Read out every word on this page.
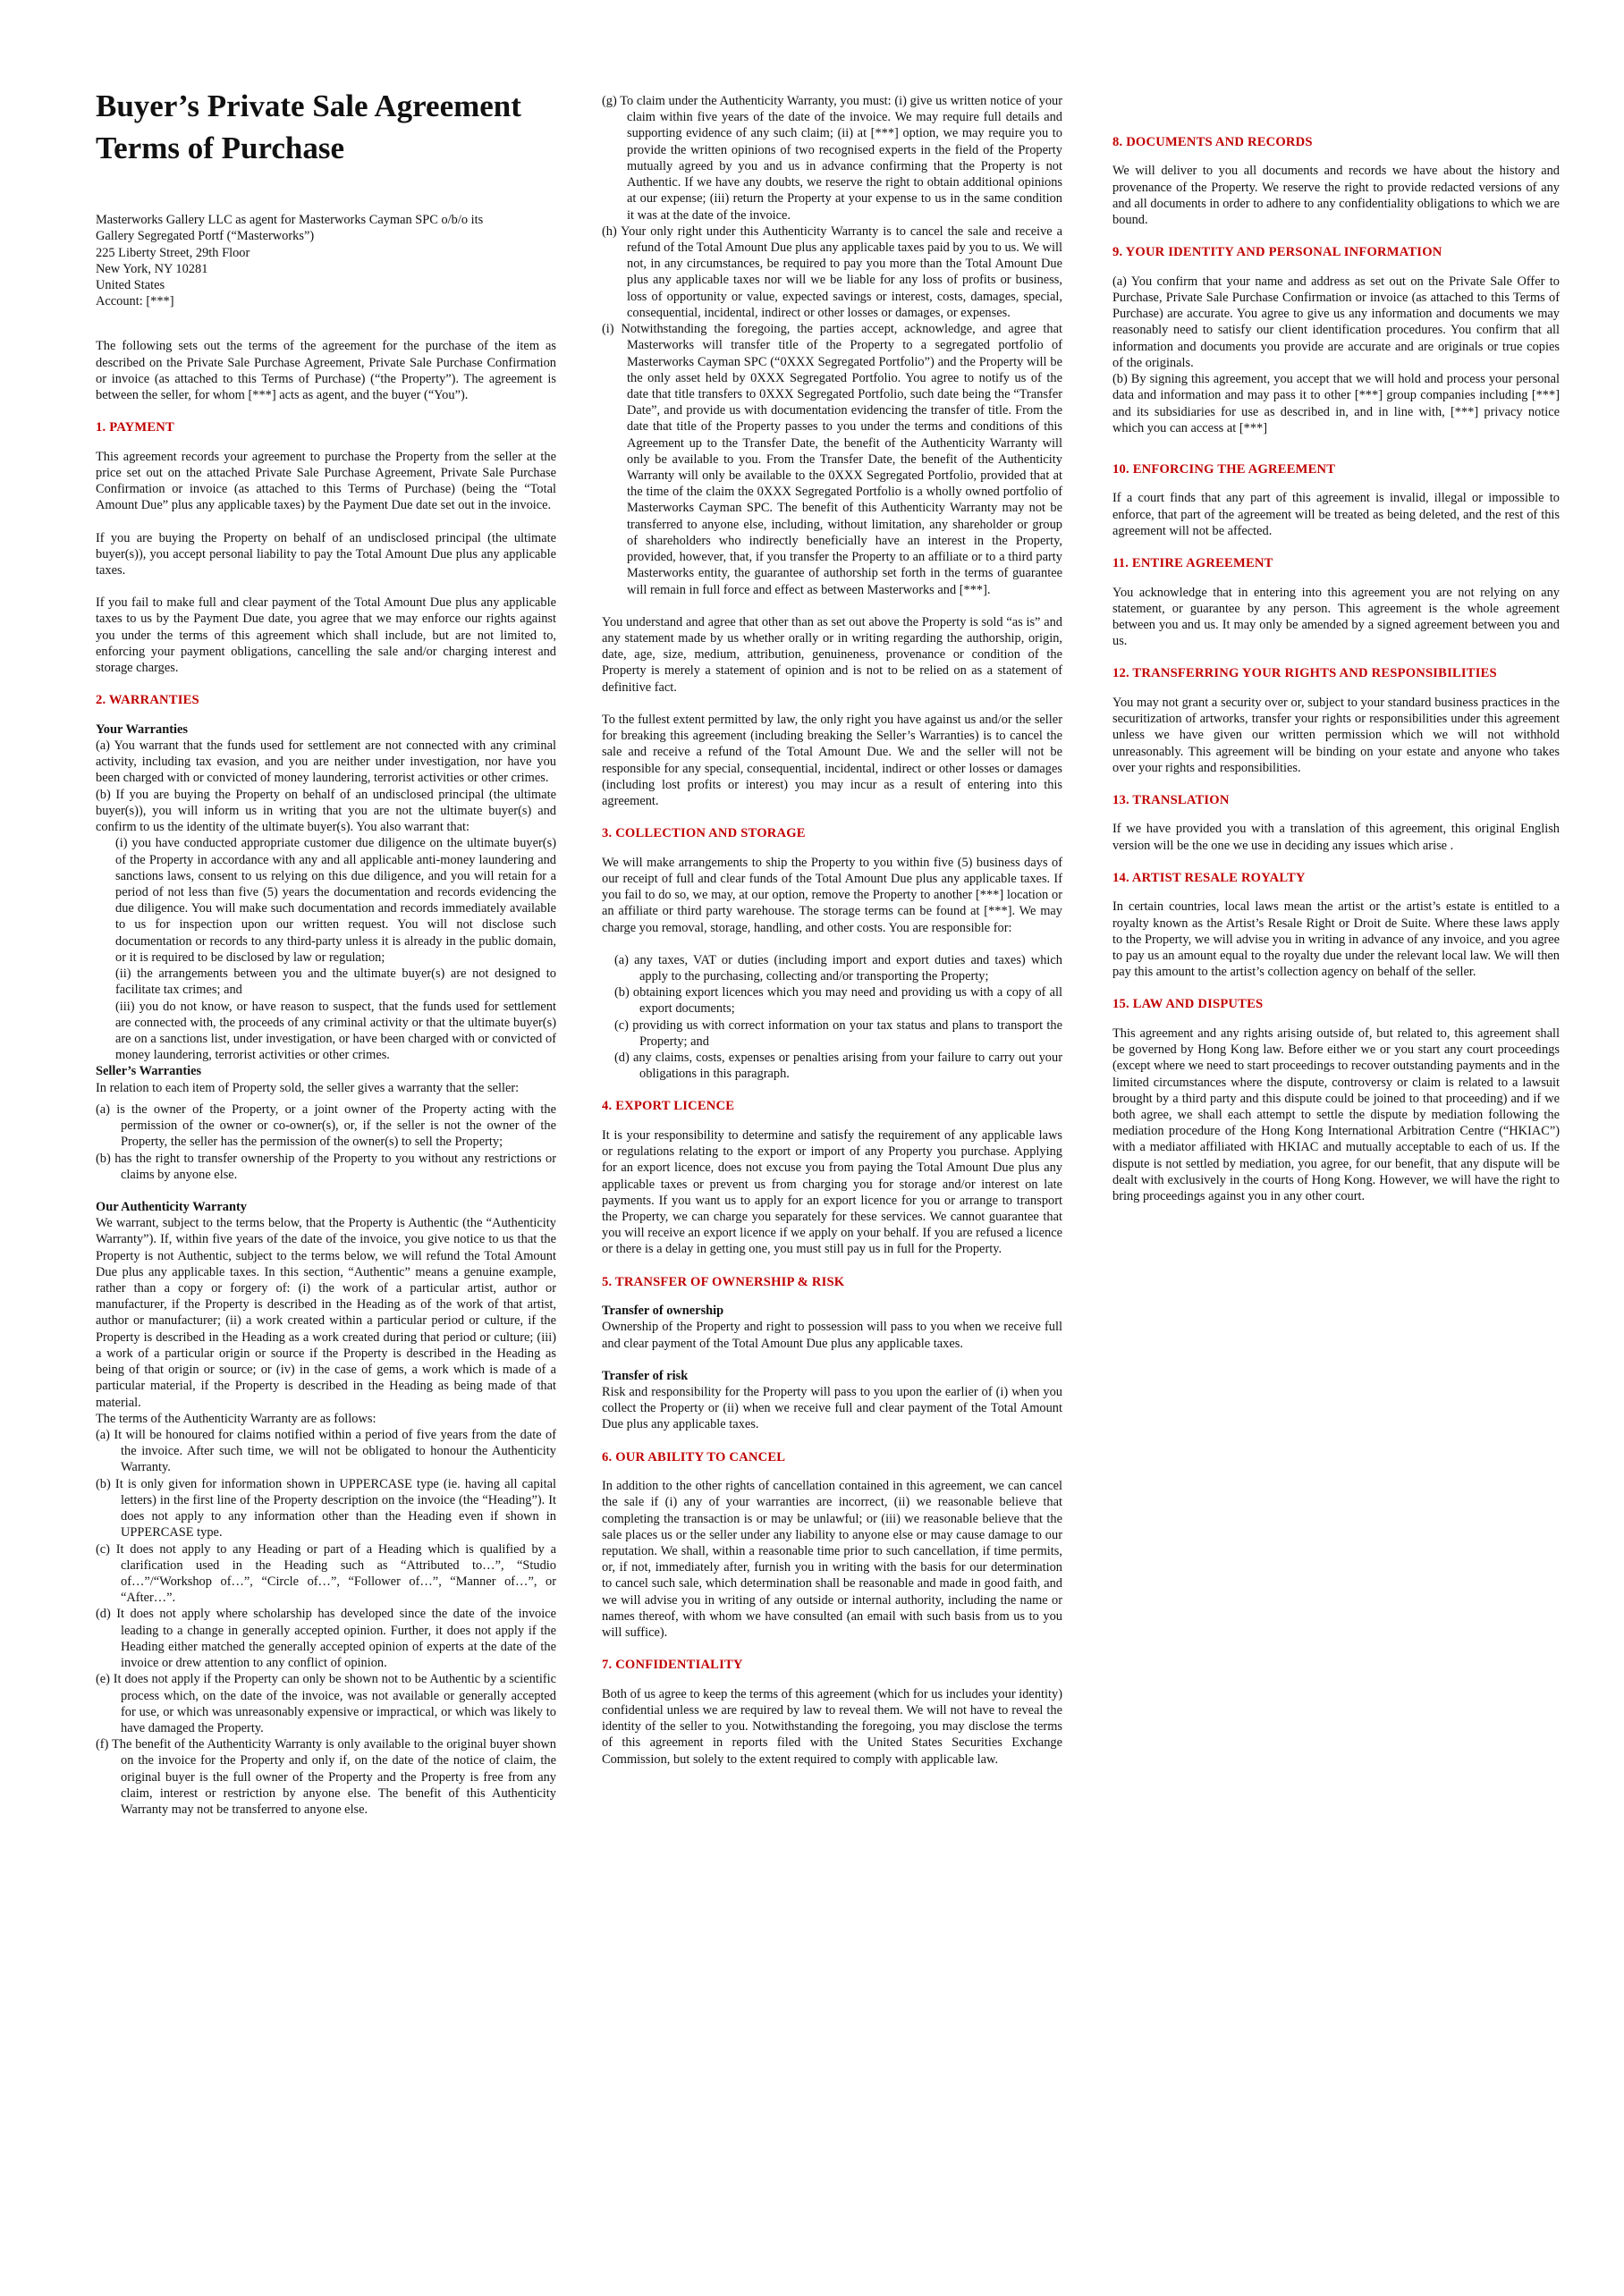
Buyer’s Private Sale Agreement
Terms of Purchase

Masterworks Gallery LLC as agent for Masterworks Cayman SPC o/b/o its

Gallery Segregated Portf (“Masterworks”)

225 Liberty Street, 29th Floor

New York, NY 10281

United States

Account: [***]

The following sets out the terms of the agreement for the purchase of the item as described on the Private Sale Purchase Agreement, Private Sale Purchase Confirmation or invoice (as attached to this Terms of Purchase) (“the Property”). The agreement is between the seller, for whom [***] acts as agent, and the buyer (“You”).

1. PAYMENT

This agreement records your agreement to purchase the Property from the seller at the price set out on the attached Private Sale Purchase Agreement, Private Sale Purchase Confirmation or invoice (as attached to this Terms of Purchase) (being the “Total Amount Due” plus any applicable taxes) by the Payment Due date set out in the invoice.

If you are buying the Property on behalf of an undisclosed principal (the ultimate buyer(s)), you accept personal liability to pay the Total Amount Due plus any applicable taxes.

If you fail to make full and clear payment of the Total Amount Due plus any applicable taxes to us by the Payment Due date, you agree that we may enforce our rights against you under the terms of this agreement which shall include, but are not limited to, enforcing your payment obligations, cancelling the sale and/or charging interest and storage charges.

2. WARRANTIES

Your Warranties

(a) You warrant that the funds used for settlement are not connected with any criminal activity, including tax evasion, and you are neither under investigation, nor have you been charged with or convicted of money laundering, terrorist activities or other crimes.

(b) If you are buying the Property on behalf of an undisclosed principal (the ultimate buyer(s)), you will inform us in writing that you are not the ultimate buyer(s) and confirm to us the identity of the ultimate buyer(s). You also warrant that:

(i) you have conducted appropriate customer due diligence on the ultimate buyer(s) of the Property in accordance with any and all applicable anti-money laundering and sanctions laws, consent to us relying on this due diligence, and you will retain for a period of not less than five (5) years the documentation and records evidencing the due diligence. You will make such documentation and records immediately available to us for inspection upon our written request. You will not disclose such documentation or records to any third-party unless it is already in the public domain, or it is required to be disclosed by law or regulation;

(ii) the arrangements between you and the ultimate buyer(s) are not designed to facilitate tax crimes; and

(iii) you do not know, or have reason to suspect, that the funds used for settlement are connected with, the proceeds of any criminal activity or that the ultimate buyer(s) are on a sanctions list, under investigation, or have been charged with or convicted of money laundering, terrorist activities or other crimes.

Seller’s Warranties

In relation to each item of Property sold, the seller gives a warranty that the seller:

(a) is the owner of the Property, or a joint owner of the Property acting with the permission of the owner or co-owner(s), or, if the seller is not the owner of the Property, the seller has the permission of the owner(s) to sell the Property;

(b) has the right to transfer ownership of the Property to you without any restrictions or claims by anyone else.

Our Authenticity Warranty

We warrant, subject to the terms below, that the Property is Authentic (the “Authenticity Warranty”). If, within five years of the date of the invoice, you give notice to us that the Property is not Authentic, subject to the terms below, we will refund the Total Amount Due plus any applicable taxes. In this section, “Authentic” means a genuine example, rather than a copy or forgery of: (i) the work of a particular artist, author or manufacturer, if the Property is described in the Heading as of the work of that artist, author or manufacturer; (ii) a work created within a particular period or culture, if the Property is described in the Heading as a work created during that period or culture; (iii) a work of a particular origin or source if the Property is described in the Heading as being of that origin or source; or (iv) in the case of gems, a work which is made of a particular material, if the Property is described in the Heading as being made of that material.

The terms of the Authenticity Warranty are as follows:

(a) It will be honoured for claims notified within a period of five years from the date of the invoice. After such time, we will not be obligated to honour the Authenticity Warranty.

(b) It is only given for information shown in UPPERCASE type (ie. having all capital letters) in the first line of the Property description on the invoice (the “Heading”). It does not apply to any information other than the Heading even if shown in UPPERCASE type.

(c) It does not apply to any Heading or part of a Heading which is qualified by a clarification used in the Heading such as “Attributed to…”, “Studio of…”/“Workshop of…”, “Circle of…”, “Follower of…”, “Manner of…”, or “After…”.

(d) It does not apply where scholarship has developed since the date of the invoice leading to a change in generally accepted opinion. Further, it does not apply if the Heading either matched the generally accepted opinion of experts at the date of the invoice or drew attention to any conflict of opinion.

(e) It does not apply if the Property can only be shown not to be Authentic by a scientific process which, on the date of the invoice, was not available or generally accepted for use, or which was unreasonably expensive or impractical, or which was likely to have damaged the Property.

(f) The benefit of the Authenticity Warranty is only available to the original buyer shown on the invoice for the Property and only if, on the date of the notice of claim, the original buyer is the full owner of the Property and the Property is free from any claim, interest or restriction by anyone else. The benefit of this Authenticity Warranty may not be transferred to anyone else.

(g) To claim under the Authenticity Warranty, you must: (i) give us written notice of your claim within five years of the date of the invoice. We may require full details and supporting evidence of any such claim; (ii) at [***] option, we may require you to provide the written opinions of two recognised experts in the field of the Property mutually agreed by you and us in advance confirming that the Property is not Authentic. If we have any doubts, we reserve the right to obtain additional opinions at our expense; (iii) return the Property at your expense to us in the same condition it was at the date of the invoice.

(h) Your only right under this Authenticity Warranty is to cancel the sale and receive a refund of the Total Amount Due plus any applicable taxes paid by you to us. We will not, in any circumstances, be required to pay you more than the Total Amount Due plus any applicable taxes nor will we be liable for any loss of profits or business, loss of opportunity or value, expected savings or interest, costs, damages, special, consequential, incidental, indirect or other losses or damages, or expenses.

(i) Notwithstanding the foregoing, the parties accept, acknowledge, and agree that Masterworks will transfer title of the Property to a segregated portfolio of Masterworks Cayman SPC (“0XXX Segregated Portfolio”) and the Property will be the only asset held by 0XXX Segregated Portfolio. You agree to notify us of the date that title transfers to 0XXX Segregated Portfolio, such date being the “Transfer Date”, and provide us with documentation evidencing the transfer of title. From the date that title of the Property passes to you under the terms and conditions of this Agreement up to the Transfer Date, the benefit of the Authenticity Warranty will only be available to you. From the Transfer Date, the benefit of the Authenticity Warranty will only be available to the 0XXX Segregated Portfolio, provided that at the time of the claim the 0XXX Segregated Portfolio is a wholly owned portfolio of Masterworks Cayman SPC. The benefit of this Authenticity Warranty may not be transferred to anyone else, including, without limitation, any shareholder or group of shareholders who indirectly beneficially have an interest in the Property, provided, however, that, if you transfer the Property to an affiliate or to a third party Masterworks entity, the guarantee of authorship set forth in the terms of guarantee will remain in full force and effect as between Masterworks and [***].

You understand and agree that other than as set out above the Property is sold “as is” and any statement made by us whether orally or in writing regarding the authorship, origin, date, age, size, medium, attribution, genuineness, provenance or condition of the Property is merely a statement of opinion and is not to be relied on as a statement of definitive fact.

To the fullest extent permitted by law, the only right you have against us and/or the seller for breaking this agreement (including breaking the Seller’s Warranties) is to cancel the sale and receive a refund of the Total Amount Due. We and the seller will not be responsible for any special, consequential, incidental, indirect or other losses or damages (including lost profits or interest) you may incur as a result of entering into this agreement.

3. COLLECTION AND STORAGE

We will make arrangements to ship the Property to you within five (5) business days of our receipt of full and clear funds of the Total Amount Due plus any applicable taxes. If you fail to do so, we may, at our option, remove the Property to another [***] location or an affiliate or third party warehouse. The storage terms can be found at [***]. We may charge you removal, storage, handling, and other costs. You are responsible for:

(a) any taxes, VAT or duties (including import and export duties and taxes) which apply to the purchasing, collecting and/or transporting the Property;

(b) obtaining export licences which you may need and providing us with a copy of all export documents;

(c) providing us with correct information on your tax status and plans to transport the Property; and

(d) any claims, costs, expenses or penalties arising from your failure to carry out your obligations in this paragraph.

4. EXPORT LICENCE

It is your responsibility to determine and satisfy the requirement of any applicable laws or regulations relating to the export or import of any Property you purchase. Applying for an export licence, does not excuse you from paying the Total Amount Due plus any applicable taxes or prevent us from charging you for storage and/or interest on late payments. If you want us to apply for an export licence for you or arrange to transport the Property, we can charge you separately for these services. We cannot guarantee that you will receive an export licence if we apply on your behalf. If you are refused a licence or there is a delay in getting one, you must still pay us in full for the Property.

5. TRANSFER OF OWNERSHIP & RISK

Transfer of ownership

Ownership of the Property and right to possession will pass to you when we receive full and clear payment of the Total Amount Due plus any applicable taxes.

Transfer of risk

Risk and responsibility for the Property will pass to you upon the earlier of (i) when you collect the Property or (ii) when we receive full and clear payment of the Total Amount Due plus any applicable taxes.

6. OUR ABILITY TO CANCEL

In addition to the other rights of cancellation contained in this agreement, we can cancel the sale if (i) any of your warranties are incorrect, (ii) we reasonable believe that completing the transaction is or may be unlawful; or (iii) we reasonable believe that the sale places us or the seller under any liability to anyone else or may cause damage to our reputation. We shall, within a reasonable time prior to such cancellation, if time permits, or, if not, immediately after, furnish you in writing with the basis for our determination to cancel such sale, which determination shall be reasonable and made in good faith, and we will advise you in writing of any outside or internal authority, including the name or names thereof, with whom we have consulted (an email with such basis from us to you will suffice).

7. CONFIDENTIALITY

Both of us agree to keep the terms of this agreement (which for us includes your identity) confidential unless we are required by law to reveal them. We will not have to reveal the identity of the seller to you. Notwithstanding the foregoing, you may disclose the terms of this agreement in reports filed with the United States Securities Exchange Commission, but solely to the extent required to comply with applicable law.

8. DOCUMENTS AND RECORDS

We will deliver to you all documents and records we have about the history and provenance of the Property. We reserve the right to provide redacted versions of any and all documents in order to adhere to any confidentiality obligations to which we are bound.

9. YOUR IDENTITY AND PERSONAL INFORMATION

(a) You confirm that your name and address as set out on the Private Sale Offer to Purchase, Private Sale Purchase Confirmation or invoice (as attached to this Terms of Purchase) are accurate. You agree to give us any information and documents we may reasonably need to satisfy our client identification procedures. You confirm that all information and documents you provide are accurate and are originals or true copies of the originals.

(b) By signing this agreement, you accept that we will hold and process your personal data and information and may pass it to other [***] group companies including [***] and its subsidiaries for use as described in, and in line with, [***] privacy notice which you can access at [***]

10. ENFORCING THE AGREEMENT

If a court finds that any part of this agreement is invalid, illegal or impossible to enforce, that part of the agreement will be treated as being deleted, and the rest of this agreement will not be affected.

11. ENTIRE AGREEMENT

You acknowledge that in entering into this agreement you are not relying on any statement, or guarantee by any person. This agreement is the whole agreement between you and us. It may only be amended by a signed agreement between you and us.

12. TRANSFERRING YOUR RIGHTS AND RESPONSIBILITIES

You may not grant a security over or, subject to your standard business practices in the securitization of artworks, transfer your rights or responsibilities under this agreement unless we have given our written permission which we will not withhold unreasonably. This agreement will be binding on your estate and anyone who takes over your rights and responsibilities.

13. TRANSLATION

If we have provided you with a translation of this agreement, this original English version will be the one we use in deciding any issues which arise .

14. ARTIST RESALE ROYALTY

In certain countries, local laws mean the artist or the artist’s estate is entitled to a royalty known as the Artist’s Resale Right or Droit de Suite. Where these laws apply to the Property, we will advise you in writing in advance of any invoice, and you agree to pay us an amount equal to the royalty due under the relevant local law. We will then pay this amount to the artist’s collection agency on behalf of the seller.

15. LAW AND DISPUTES

This agreement and any rights arising outside of, but related to, this agreement shall be governed by Hong Kong law. Before either we or you start any court proceedings (except where we need to start proceedings to recover outstanding payments and in the limited circumstances where the dispute, controversy or claim is related to a lawsuit brought by a third party and this dispute could be joined to that proceeding) and if we both agree, we shall each attempt to settle the dispute by mediation following the mediation procedure of the Hong Kong International Arbitration Centre (“HKIAC”) with a mediator affiliated with HKIAC and mutually acceptable to each of us. If the dispute is not settled by mediation, you agree, for our benefit, that any dispute will be dealt with exclusively in the courts of Hong Kong. However, we will have the right to bring proceedings against you in any other court.
